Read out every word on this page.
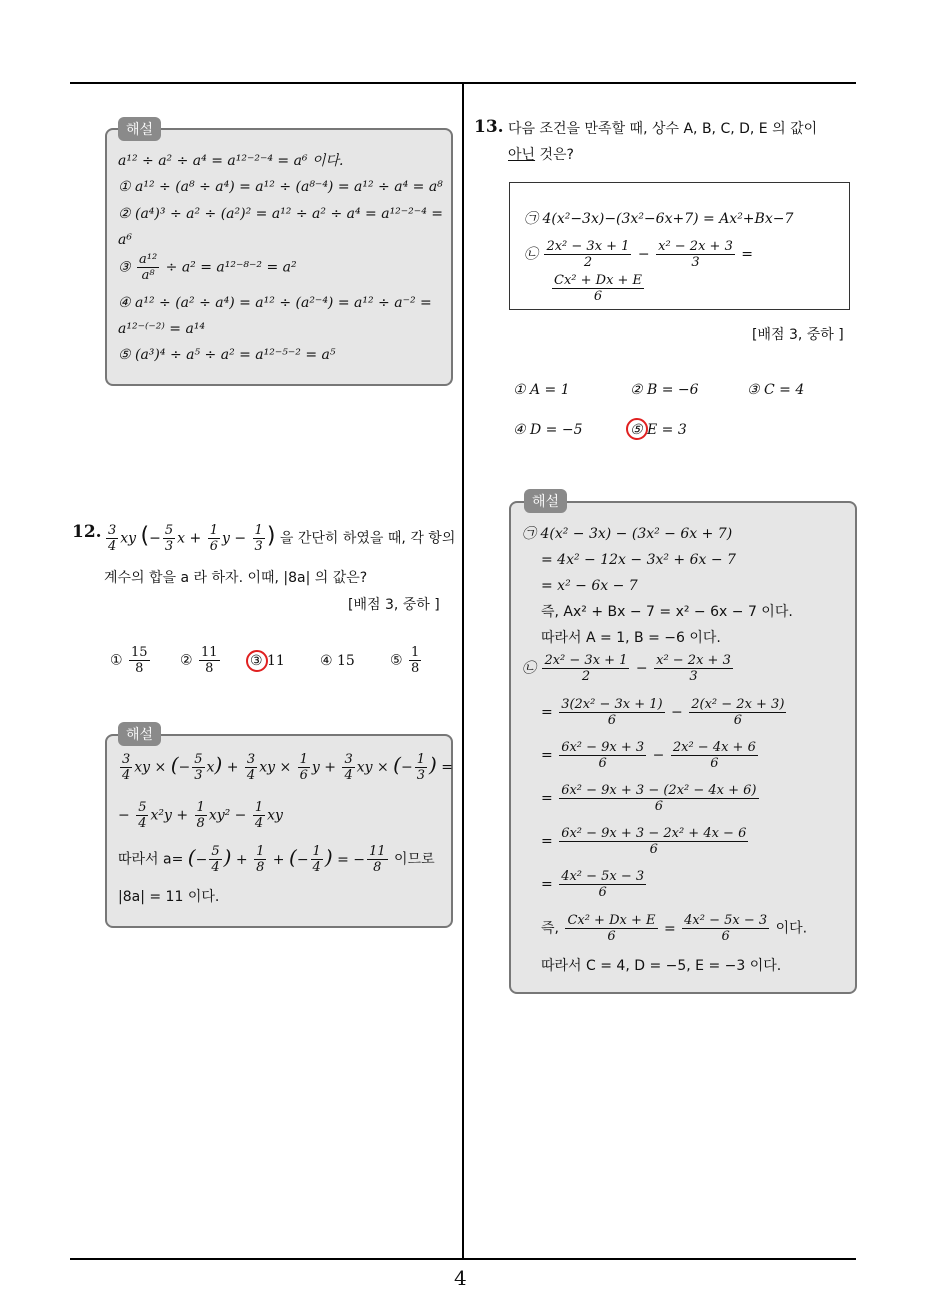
4
a¹² ÷ a² ÷ a⁴ = a¹²⁻²⁻⁴ = a⁶ 이다.
① a¹² ÷ (a⁸ ÷ a⁴) = a¹² ÷ (a⁸⁻⁴) = a¹² ÷ a⁴ = a⁸
② (a⁴)³ ÷ a² ÷ (a²)² = a¹² ÷ a² ÷ a⁴ = a¹²⁻²⁻⁴ =
a⁶
③ $\frac{\text{a¹²}}{\text{a⁸}} \div a^2 = a^{12-8-2} = a^2$
④ a¹² ÷ (a² ÷ a⁴) = a¹² ÷ (a²⁻⁴) = a¹² ÷ a⁻² =
a¹²⁻⁽⁻²⁾ = a¹⁴
⑤ (a³)⁴ ÷ a⁵ ÷ a² = a¹²⁻⁵⁻² = a⁵
해설
12. $\frac{3}{4}$ xy (− $\frac{5}{3}$ $x + \frac{1}{6}$ $y - \frac{1}{3}$ ) 을 간단히 하였을 때, 각 항의
계수의 합을 a 라 하자. 이때, |8a| 의 값은?
[배점 3, 중하 ]
① $\frac{15}{8}$ ② $\frac{11}{8}$ ③ 11	④ 15	⑤ $\frac{1}{8}$
$\frac{3}{4}$ xy × (− $\frac{5}{3} x) + \frac{3}{4}$ xy × $\frac{1}{6}$ $y + \frac{3}{4}$ xy × (− $\frac{1}{3}$ ) =
− $\frac{5}{4} x^2y + \frac{1}{8} xy^2 - \frac{1}{4}$ xy
따라서 a= (− $\frac{5}{4}$ ) + $\frac{1}{8}$ + (− $\frac{1}{4}$ ) = − $\frac{11}{8}$ 이므로
|8a| = 11 이다.
해설
13. 다음 조건을 만족할 때, 상수 A, B, C, D, E 의 값이
아닌 것은?
㉠ 4(x²−3x)−(3x²−6x+7) = Ax²+Bx−7
㉡ $\frac{\text{2x² − 3x + 1}}{2} - \frac{\text{x² − 2x + 3}}{3}$ =
$\frac{\text{Cx² + Dx + E}}{6}$
[배점 3, 중하 ]
① A = 1	② B = −6	③ C = 4
④ D = −5	⑤ E = 3
㉠ 4(x² − 3x) − (3x² − 6x + 7)
= 4x² − 12x − 3x² + 6x − 7
= x² − 6x − 7
즉, Ax² + Bx − 7 = x² − 6x − 7 이다.
따라서 A = 1, B = −6 이다.
㉡ $\frac{\text{2x² − 3x + 1}}{2} - \frac{\text{x² − 2x + 3}}{3}$
= $\frac{\text{3(2x² − 3x + 1)}}{6} - \frac{\text{2(x² − 2x + 3)}}{6}$
= $\frac{\text{6x² − 9x + 3}}{6} - \frac{\text{2x² − 4x + 6}}{6}$
= $\frac{\text{6x² − 9x + 3 − (2x² − 4x + 6)}}{6}$
= $\frac{\text{6x² − 9x + 3 − 2x² + 4x − 6}}{6}$
= $\frac{\text{4x² − 5x − 3}}{6}$
즉, $\frac{\text{Cx² + Dx + E}}{6} = \frac{\text{4x² − 5x − 3}}{6}$ 이다.
따라서 C = 4, D = −5, E = −3 이다.
해설
